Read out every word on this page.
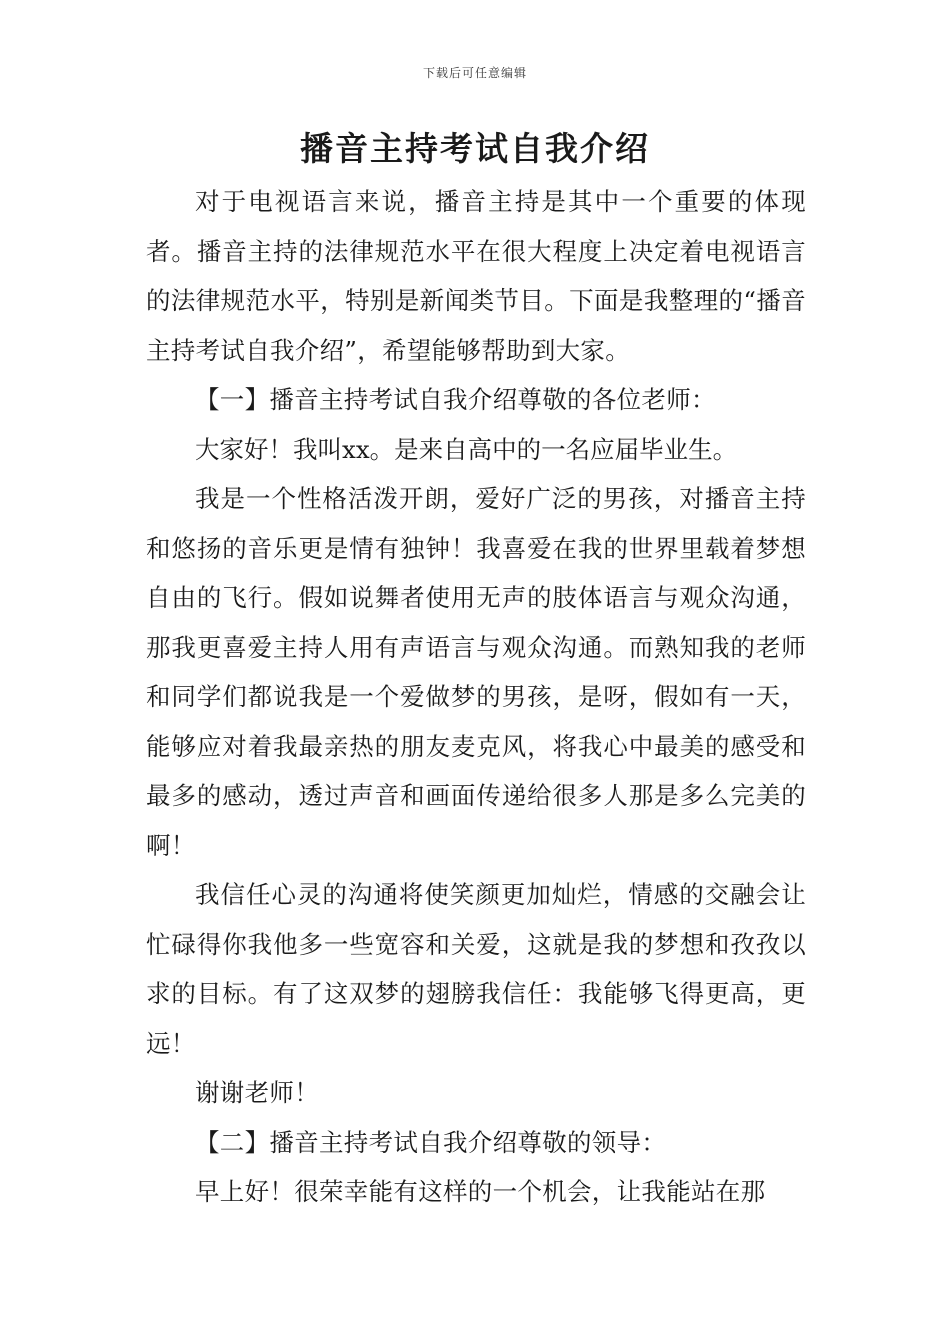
下载后可任意编辑
播音主持考试自我介绍

对于电视语言来说，播音主持是其中一个重要的体现者。播音主持的法律规范水平在很大程度上决定着电视语言的法律规范水平，特别是新闻类节目。下面是我整理的“播音主持考试自我介绍”，希望能够帮助到大家。

【一】播音主持考试自我介绍尊敬的各位老师：

大家好！我叫xx。是来自高中的一名应届毕业生。

我是一个性格活泼开朗，爱好广泛的男孩，对播音主持和悠扬的音乐更是情有独钟！我喜爱在我的世界里载着梦想自由的飞行。假如说舞者使用无声的肢体语言与观众沟通，那我更喜爱主持人用有声语言与观众沟通。而熟知我的老师和同学们都说我是一个爱做梦的男孩，是呀，假如有一天，能够应对着我最亲热的朋友麦克风，将我心中最美的感受和最多的感动，透过声音和画面传递给很多人那是多么完美的啊！

我信任心灵的沟通将使笑颜更加灿烂，情感的交融会让忙碌得你我他多一些宽容和关爱，这就是我的梦想和孜孜以求的目标。有了这双梦的翅膀我信任：我能够飞得更高，更远！

谢谢老师！

【二】播音主持考试自我介绍尊敬的领导：

早上好！很荣幸能有这样的一个机会，让我能站在那
